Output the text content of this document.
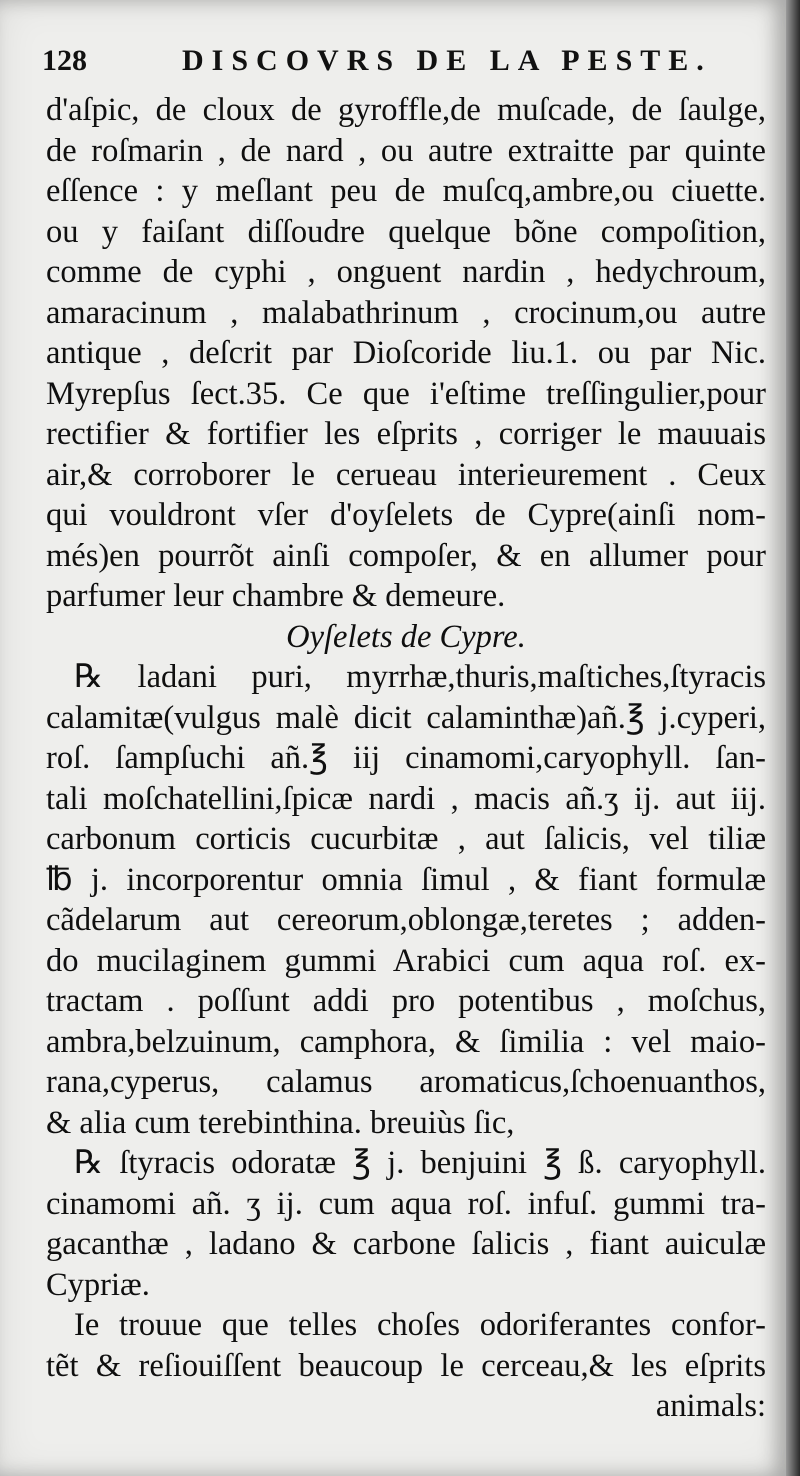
128	DISCOVRS DE LA PESTE.
d'aſpic, de cloux de gyroffle,de muſcade, de ſaulge,
de roſmarin , de nard , ou autre extraitte par quinte
eſſence : y meſlant peu de muſcq,ambre,ou ciuette.
ou y faiſant diſſoudre quelque bõne compoſition,
comme de cyphi , onguent nardin , hedychroum,
amaracinum , malabathrinum , crocinum,ou autre
antique , deſcrit par Dioſcoride liu.1. ou par Nic.
Myrepſus ſect.35. Ce que i'eſtime treſſingulier,pour
rectifier & fortifier les eſprits , corriger le mauuais
air,& corroborer le cerueau interieurement . Ceux
qui vouldront vſer d'oyſelets de Cypre(ainſi nom-
més)en pourrõt ainſi compoſer, & en allumer pour
parfumer leur chambre & demeure.
Oyſelets de Cypre.
℞ ladani puri, myrrhæ,thuris,maſtiches,ſtyracis
calamitæ(vulgus malè dicit calaminthæ)añ.℥ j.cyperi,
roſ. ſampſuchi añ.℥ iij cinamomi,caryophyll. ſan-
tali moſchatellini,ſpicæ nardi , macis añ.ʒ ij. aut iij.
carbonum corticis cucurbitæ , aut ſalicis, vel tiliæ
℔ j. incorporentur omnia ſimul , & fiant formulæ
cãdelarum aut cereorum,oblongæ,teretes ; adden-
do mucilaginem gummi Arabici cum aqua roſ. ex-
tractam . poſſunt addi pro potentibus , moſchus,
ambra,belzuinum, camphora, & ſimilia : vel maio-
rana,cyperus, calamus aromaticus,ſchoenuanthos,
& alia cum terebinthina. breuiùs ſic,
℞ ſtyracis odoratæ ℥ j. benjuini ℥ ß. caryophyll.
cinamomi añ. ʒ ij. cum aqua roſ. infuſ. gummi tra-
gacanthæ , ladano & carbone ſalicis , fiant auiculæ
Cypriæ.
Ie trouue que telles choſes odoriferantes confor-
tẽt & reſiouiſſent beaucoup le cerceau,& les eſprits
animals:
